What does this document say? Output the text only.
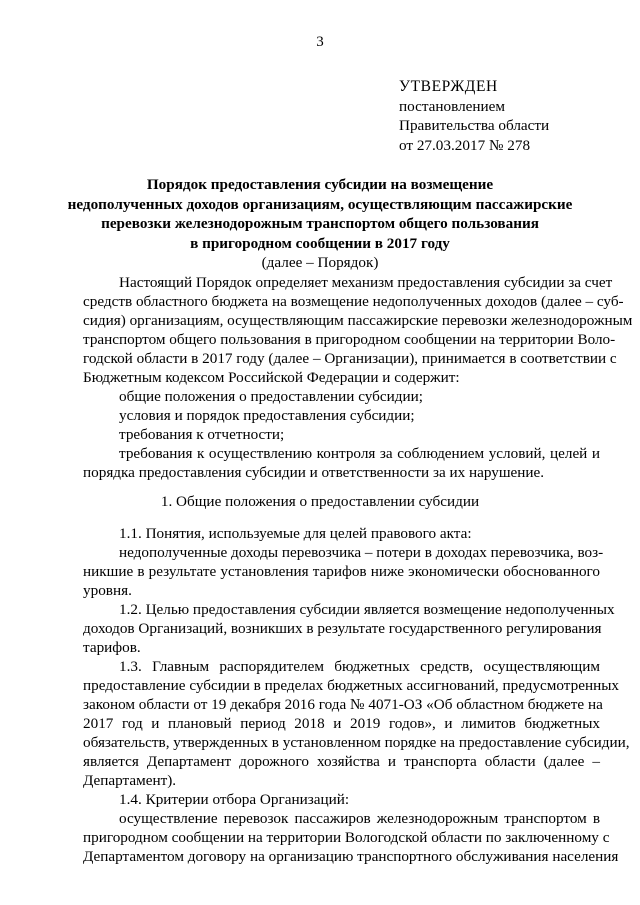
3
УТВЕРЖДЕН
постановлением
Правительства области
от 27.03.2017 № 278
Порядок предоставления субсидии на возмещение
недополученных доходов организациям, осуществляющим пассажирские
перевозки железнодорожным транспортом общего пользования
в пригородном сообщении в 2017 году
(далее – Порядок)
Настоящий Порядок определяет механизм предоставления субсидии за счет
средств областного бюджета на возмещение недополученных доходов (далее – суб-
сидия) организациям, осуществляющим пассажирские перевозки железнодорожным
транспортом общего пользования в пригородном сообщении на территории Воло-
годской области в 2017 году (далее – Организации), принимается в соответствии с
Бюджетным кодексом Российской Федерации и содержит:
общие положения о предоставлении субсидии;
условия и порядок предоставления субсидии;
требования к отчетности;
требования к осуществлению контроля за соблюдением условий, целей и
порядка предоставления субсидии и ответственности за их нарушение.
1. Общие положения о предоставлении субсидии
1.1. Понятия, используемые для целей правового акта:
недополученные доходы перевозчика – потери в доходах перевозчика, воз-
никшие в результате установления тарифов ниже экономически обоснованного
уровня.
1.2. Целью предоставления субсидии является возмещение недополученных
доходов Организаций, возникших в результате государственного регулирования
тарифов.
1.3. Главным распорядителем бюджетных средств, осуществляющим
предоставление субсидии в пределах бюджетных ассигнований, предусмотренных
законом области от 19 декабря 2016 года № 4071-ОЗ «Об областном бюджете на
2017 год и плановый период 2018 и 2019 годов», и лимитов бюджетных
обязательств, утвержденных в установленном порядке на предоставление субсидии,
является Департамент дорожного хозяйства и транспорта области (далее –
Департамент).
1.4. Критерии отбора Организаций:
осуществление перевозок пассажиров железнодорожным транспортом в
пригородном сообщении на территории Вологодской области по заключенному с
Департаментом договору на организацию транспортного обслуживания населения
